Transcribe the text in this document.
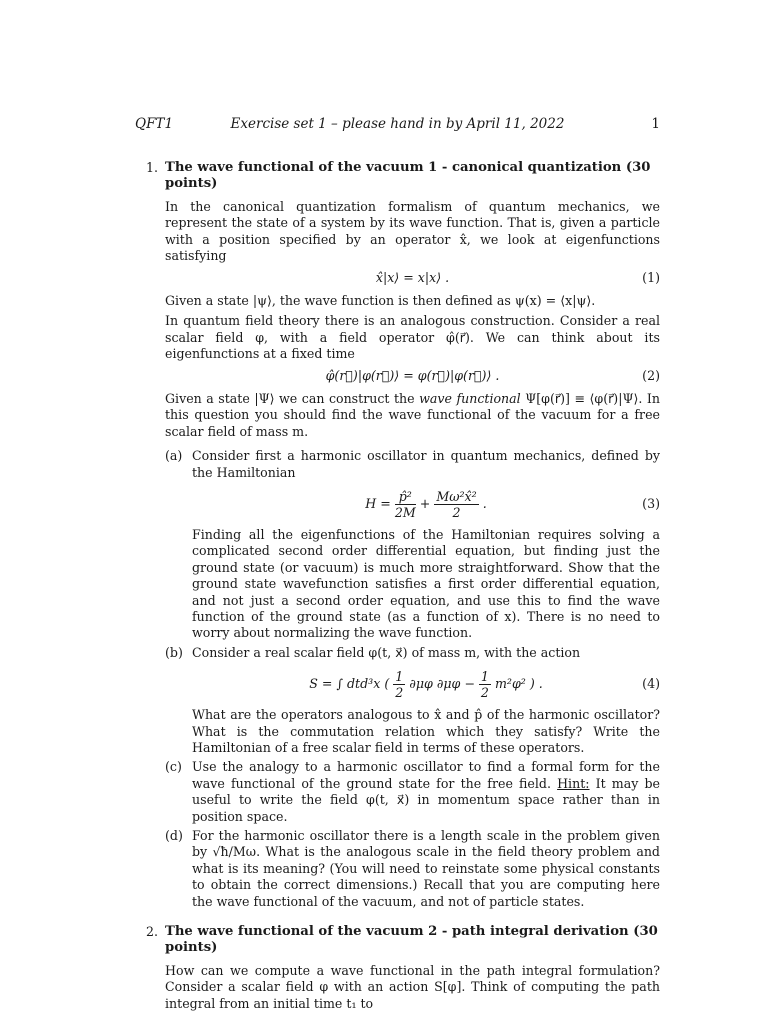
QFT1	Exercise set 1 – please hand in by April 11, 2022	1
1. The wave functional of the vacuum 1 - canonical quantization (30 points)

In the canonical quantization formalism of quantum mechanics, we represent the state of a system by its wave function. That is, given a particle with a position specified by an operator x̂, we look at eigenfunctions satisfying

x̂|x⟩ = x|x⟩ .	(1)

Given a state |ψ⟩, the wave function is then defined as ψ(x) = ⟨x|ψ⟩.

In quantum field theory there is an analogous construction. Consider a real scalar field φ, with a field operator φ̂(r⃗). We can think about its eigenfunctions at a fixed time

φ̂(r⃗)|φ(r⃗)⟩ = φ(r⃗)|φ(r⃗)⟩ .	(2)

Given a state |Ψ⟩ we can construct the wave functional Ψ[φ(r⃗)] ≡ ⟨φ(r⃗)|Ψ⟩. In this question you should find the wave functional of the vacuum for a free scalar field of mass m.

(a) Consider first a harmonic oscillator in quantum mechanics, defined by the Hamiltonian

$H = \frac{\text{p̂²}}{2M} + \frac{\text{Mω²x̂²}}{2}$ .	(3)

Finding all the eigenfunctions of the Hamiltonian requires solving a complicated second order differential equation, but finding just the ground state (or vacuum) is much more straightforward. Show that the ground state wavefunction satisfies a first order differential equation, and not just a second order equation, and use this to find the wave function of the ground state (as a function of x). There is no need to worry about normalizing the wave function.

(b) Consider a real scalar field φ(t, x⃗) of mass m, with the action

S = ∫ dtd³x ( $\frac{1}{2} \partial\mu\varphi$ $\partial\mu\varphi - \frac{1}{2} m^2\varphi^2$ ) .	(4)

What are the operators analogous to x̂ and p̂ of the harmonic oscillator? What is the commutation relation which they satisfy? Write the Hamiltonian of a free scalar field in terms of these operators.

(c) Use the analogy to a harmonic oscillator to find a formal form for the wave functional of the ground state for the free field. Hint: It may be useful to write the field φ(t, x⃗) in momentum space rather than in position space.

(d) For the harmonic oscillator there is a length scale in the problem given by √ħ/Mω. What is the analogous scale in the field theory problem and what is its meaning? (You will need to reinstate some physical constants to obtain the correct dimensions.) Recall that you are computing here the wave functional of the vacuum, and not of particle states.

2. The wave functional of the vacuum 2 - path integral derivation (30 points)

How can we compute a wave functional in the path integral formulation? Consider a scalar field φ with an action S[φ]. Think of computing the path integral from an initial time t₁ to
